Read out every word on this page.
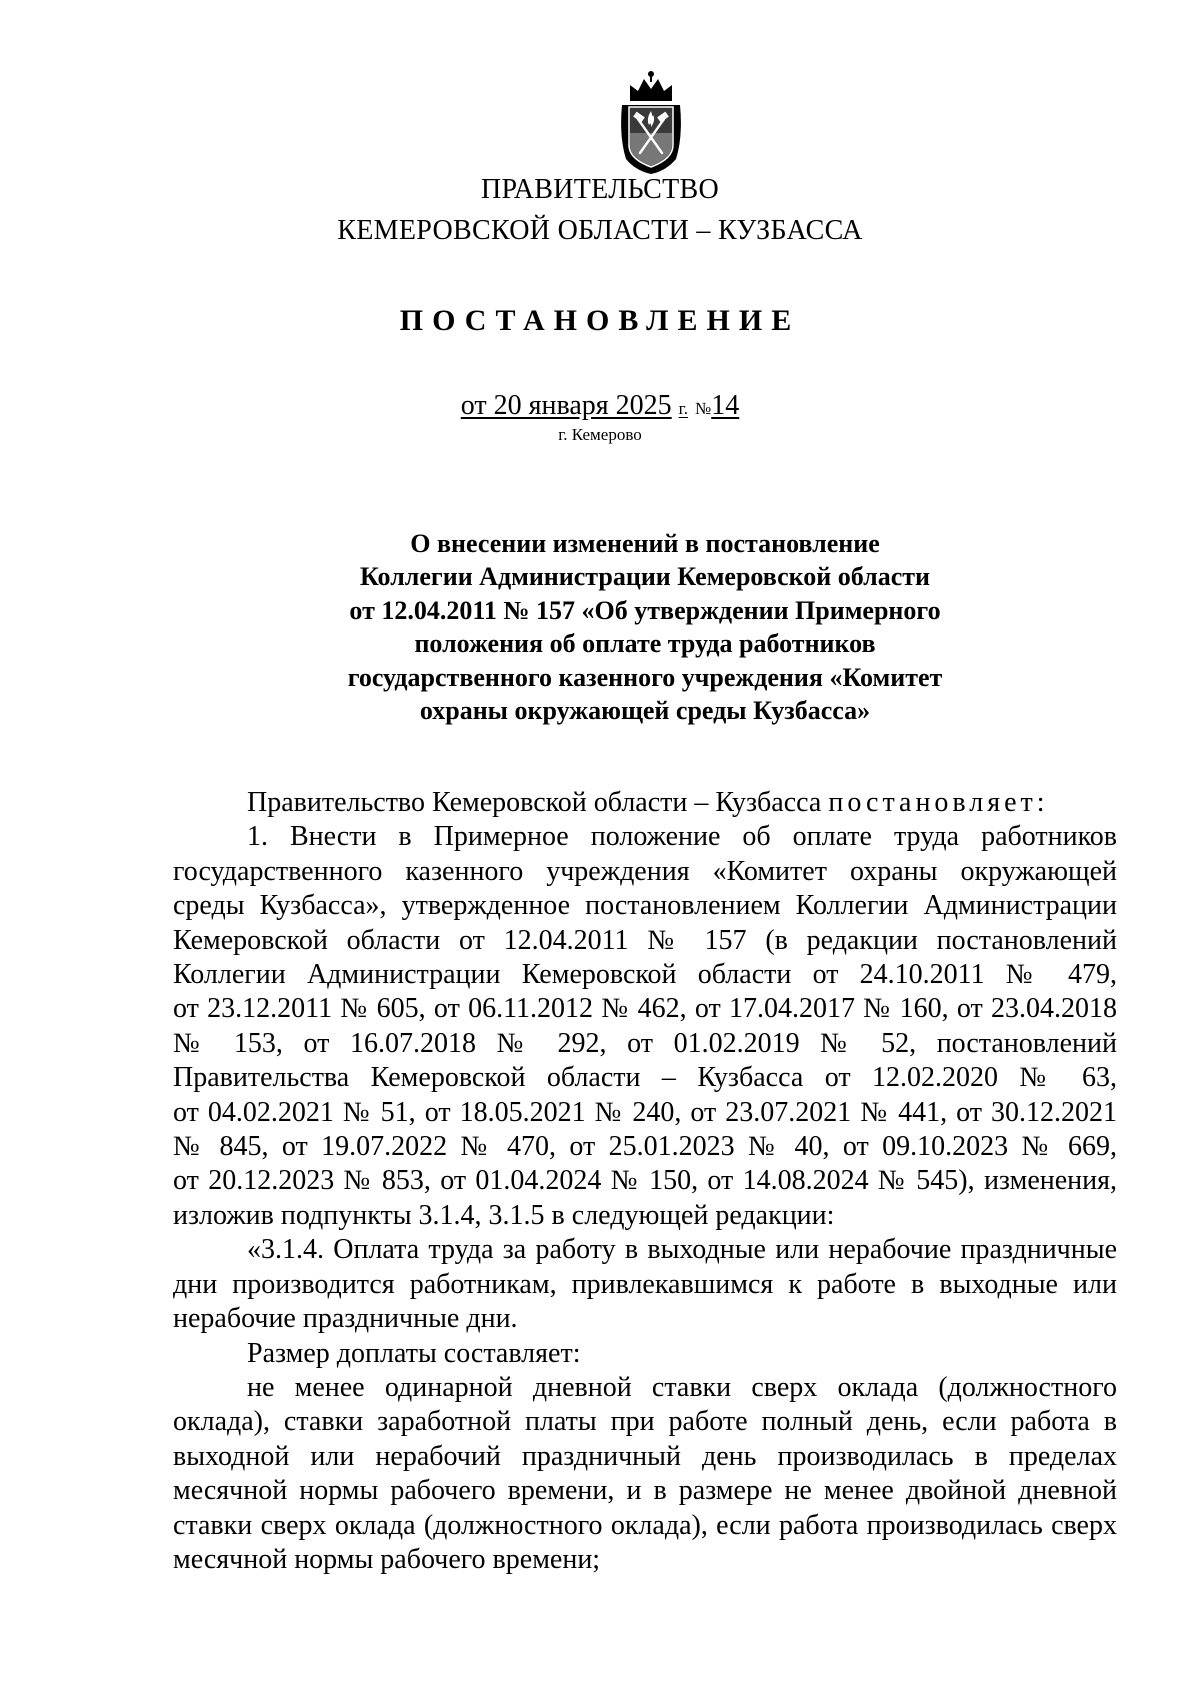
ПРАВИТЕЛЬСТВО
КЕМЕРОВСКОЙ ОБЛАСТИ – КУЗБАССА
ПОСТАНОВЛЕНИЕ
от 20 января 2025 г. №14
г. Кемерово
О внесении изменений в постановление
Коллегии Администрации Кемеровской области
от 12.04.2011 № 157 «Об утверждении Примерного
положения об оплате труда работников
государственного казенного учреждения «Комитет
охраны окружающей среды Кузбасса»
Правительство Кемеровской области – Кузбасса постановляет:
1. Внести в Примерное положение об оплате труда работников
государственного казенного учреждения «Комитет охраны окружающей
среды Кузбасса», утвержденное постановлением Коллегии Администрации
Кемеровской области от 12.04.2011 № 157 (в редакции постановлений
Коллегии Администрации Кемеровской области от 24.10.2011 № 479,
от 23.12.2011 № 605, от 06.11.2012 № 462, от 17.04.2017 № 160, от 23.04.2018
№ 153, от 16.07.2018 № 292, от 01.02.2019 № 52, постановлений
Правительства Кемеровской области – Кузбасса от 12.02.2020 № 63,
от 04.02.2021 № 51, от 18.05.2021 № 240, от 23.07.2021 № 441, от 30.12.2021
№ 845, от 19.07.2022 № 470, от 25.01.2023 № 40, от 09.10.2023 № 669,
от 20.12.2023 № 853, от 01.04.2024 № 150, от 14.08.2024 № 545), изменения,
изложив подпункты 3.1.4, 3.1.5 в следующей редакции:
«3.1.4. Оплата труда за работу в выходные или нерабочие праздничные
дни производится работникам, привлекавшимся к работе в выходные или
нерабочие праздничные дни.
Размер доплаты составляет:
не менее одинарной дневной ставки сверх оклада (должностного
оклада), ставки заработной платы при работе полный день, если работа в
выходной или нерабочий праздничный день производилась в пределах
месячной нормы рабочего времени, и в размере не менее двойной дневной
ставки сверх оклада (должностного оклада), если работа производилась сверх
месячной нормы рабочего времени;
